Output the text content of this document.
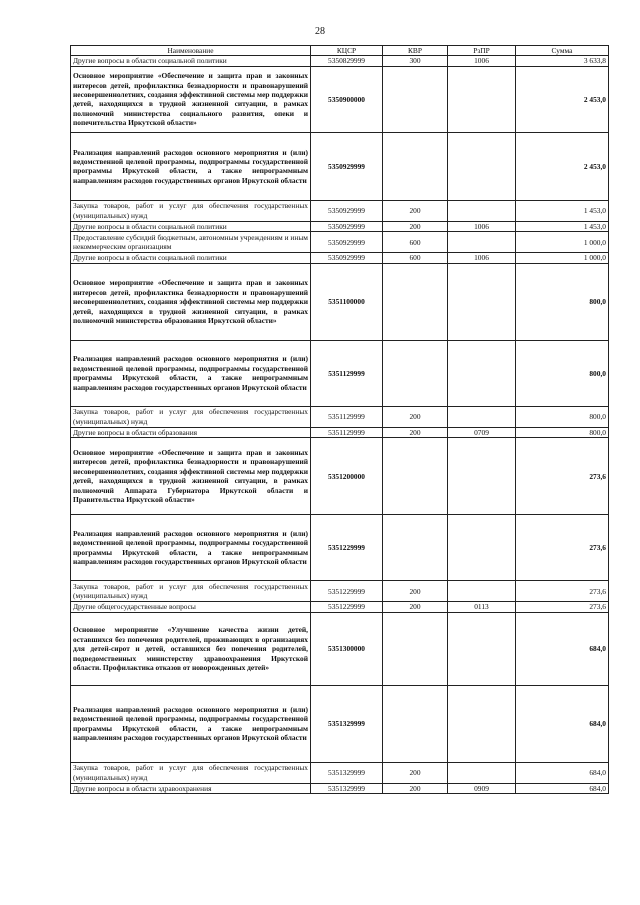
28
Наименование	КЦСР	КВР	РзПР	Сумма
Другие вопросы в области социальной политики	5350829999	300	1006	3 633,8
Основное мероприятие «Обеспечение и защита прав и законных интересов детей, профилактика безнадзорности и правонарушений несовершеннолетних, создания эффективной системы мер поддержки детей, находящихся в трудной жизненной ситуации, в рамках полномочий министерства социального развития, опеки и попечительства Иркутской области»	5350900000			2 453,0
Реализация направлений расходов основного мероприятия и (или) ведомственной целевой программы, подпрограммы государственной программы Иркутской области, а также непрограммным направлениям расходов государственных органов Иркутской области	5350929999			2 453,0
Закупка товаров, работ и услуг для обеспечения государственных (муниципальных) нужд	5350929999	200		1 453,0
Другие вопросы в области социальной политики	5350929999	200	1006	1 453,0
Предоставление субсидий бюджетным, автономным учреждениям и иным некоммерческим организациям	5350929999	600		1 000,0
Другие вопросы в области социальной политики	5350929999	600	1006	1 000,0
Основное мероприятие «Обеспечение и защита прав и законных интересов детей, профилактика безнадзорности и правонарушений несовершеннолетних, создания эффективной системы мер поддержки детей, находящихся в трудной жизненной ситуации, в рамках полномочий министерства образования Иркутской области»	5351100000			800,0
Реализация направлений расходов основного мероприятия и (или) ведомственной целевой программы, подпрограммы государственной программы Иркутской области, а также непрограммным направлениям расходов государственных органов Иркутской области	5351129999			800,0
Закупка товаров, работ и услуг для обеспечения государственных (муниципальных) нужд	5351129999	200		800,0
Другие вопросы в области образования	5351129999	200	0709	800,0
Основное мероприятие «Обеспечение и защита прав и законных интересов детей, профилактика безнадзорности и правонарушений несовершеннолетних, создания эффективной системы мер поддержки детей, находящихся в трудной жизненной ситуации, в рамках полномочий Аппарата Губернатора Иркутской области и Правительства Иркутской области»	5351200000			273,6
Реализация направлений расходов основного мероприятия и (или) ведомственной целевой программы, подпрограммы государственной программы Иркутской области, а также непрограммным направлениям расходов государственных органов Иркутской области	5351229999			273,6
Закупка товаров, работ и услуг для обеспечения государственных (муниципальных) нужд	5351229999	200		273,6
Другие общегосударственные вопросы	5351229999	200	0113	273,6
Основное мероприятие «Улучшение качества жизни детей, оставшихся без попечения родителей, проживающих в организациях для детей-сирот и детей, оставшихся без попечения родителей, подведомственных министерству здравоохранения Иркутской области. Профилактика отказов от новорожденных детей»	5351300000			684,0
Реализация направлений расходов основного мероприятия и (или) ведомственной целевой программы, подпрограммы государственной программы Иркутской области, а также непрограммным направлениям расходов государственных органов Иркутской области	5351329999			684,0
Закупка товаров, работ и услуг для обеспечения государственных (муниципальных) нужд	5351329999	200		684,0
Другие вопросы в области здравоохранения	5351329999	200	0909	684,0
